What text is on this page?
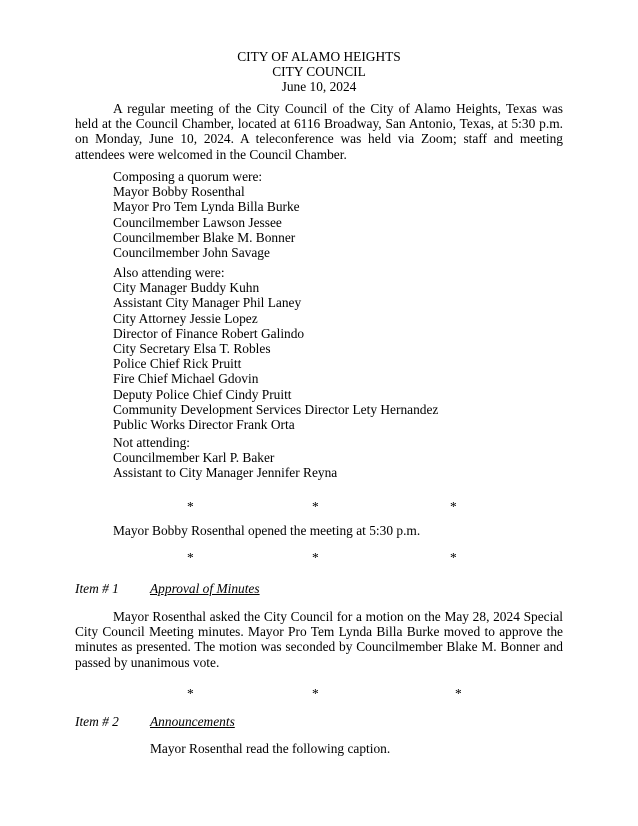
CITY OF ALAMO HEIGHTS
CITY COUNCIL
June 10, 2024
A regular meeting of the City Council of the City of Alamo Heights, Texas was held at the Council Chamber, located at 6116 Broadway, San Antonio, Texas, at 5:30 p.m. on Monday, June 10, 2024. A teleconference was held via Zoom; staff and meeting attendees were welcomed in the Council Chamber.
Composing a quorum were:
Mayor Bobby Rosenthal
Mayor Pro Tem Lynda Billa Burke
Councilmember Lawson Jessee
Councilmember Blake M. Bonner
Councilmember John Savage
Also attending were:
City Manager Buddy Kuhn
Assistant City Manager Phil Laney
City Attorney Jessie Lopez
Director of Finance Robert Galindo
City Secretary Elsa T. Robles
Police Chief Rick Pruitt
Fire Chief Michael Gdovin
Deputy Police Chief Cindy Pruitt
Community Development Services Director Lety Hernandez
Public Works Director Frank Orta
Not attending:
Councilmember Karl P. Baker
Assistant to City Manager Jennifer Reyna
*	*	*
Mayor Bobby Rosenthal opened the meeting at 5:30 p.m.
*	*	*
Item # 1 Approval of Minutes
Mayor Rosenthal asked the City Council for a motion on the May 28, 2024 Special City Council Meeting minutes. Mayor Pro Tem Lynda Billa Burke moved to approve the minutes as presented. The motion was seconded by Councilmember Blake M. Bonner and passed by unanimous vote.
*	*	*
Item # 2 Announcements
Mayor Rosenthal read the following caption.
